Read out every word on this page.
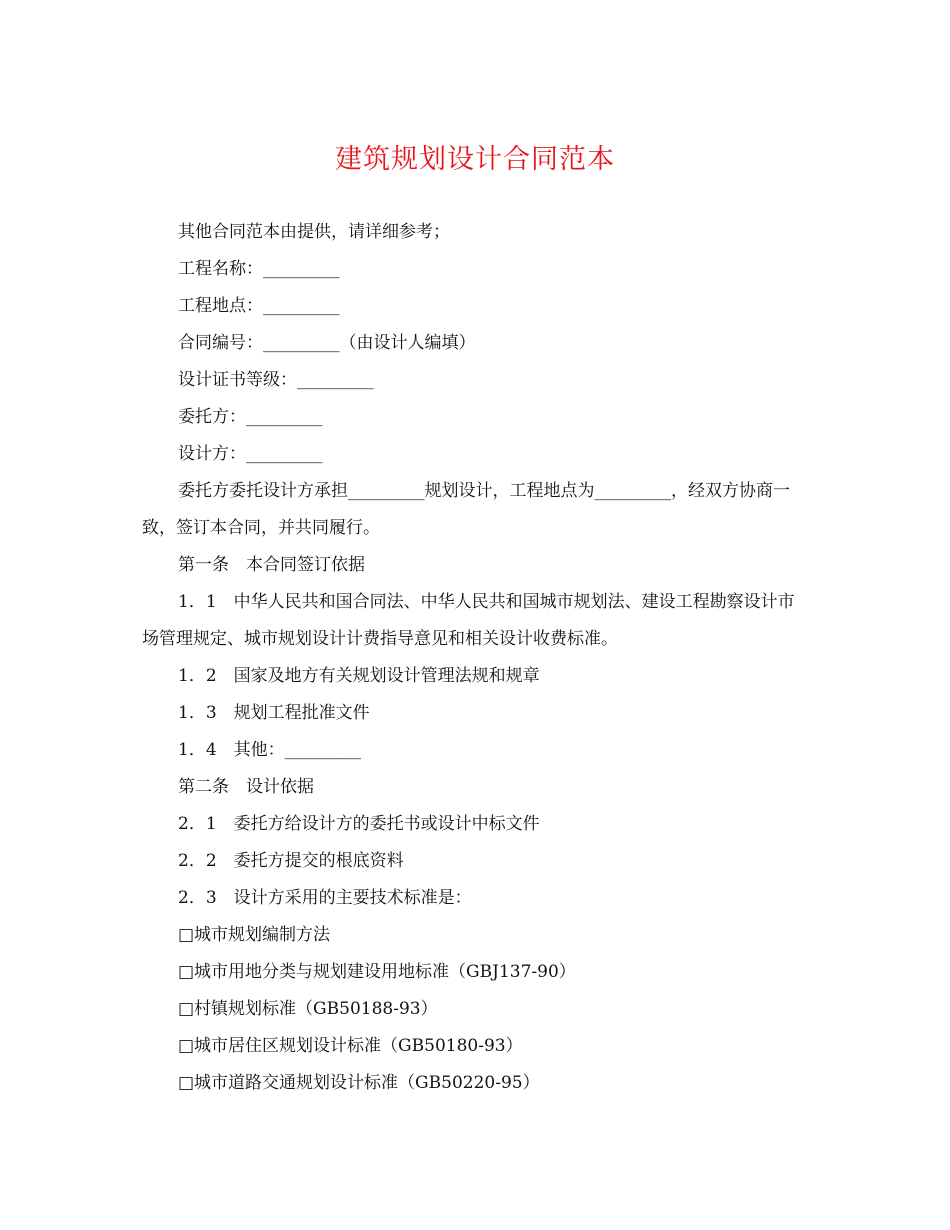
建筑规划设计合同范本

其他合同范本由提供，请详细参考；

工程名称：_________

工程地点：_________

合同编号：_________（由设计人编填）

设计证书等级：_________

委托方：_________

设计方：_________

委托方委托设计方承担_________规划设计，工程地点为_________，经双方协商一致，签订本合同，并共同履行。

第一条　本合同签订依据

1．1　中华人民共和国合同法、中华人民共和国城市规划法、建设工程勘察设计市场管理规定、城市规划设计计费指导意见和相关设计收费标准。

1．2　国家及地方有关规划设计管理法规和规章

1．3　规划工程批准文件

1．4　其他：_________

第二条　设计依据

2．1　委托方给设计方的委托书或设计中标文件

2．2　委托方提交的根底资料

2．3　设计方采用的主要技术标准是：

□城市规划编制方法

□城市用地分类与规划建设用地标准（GBJ137-90）

□村镇规划标准（GB50188-93）

□城市居住区规划设计标准（GB50180-93）

□城市道路交通规划设计标准（GB50220-95）
